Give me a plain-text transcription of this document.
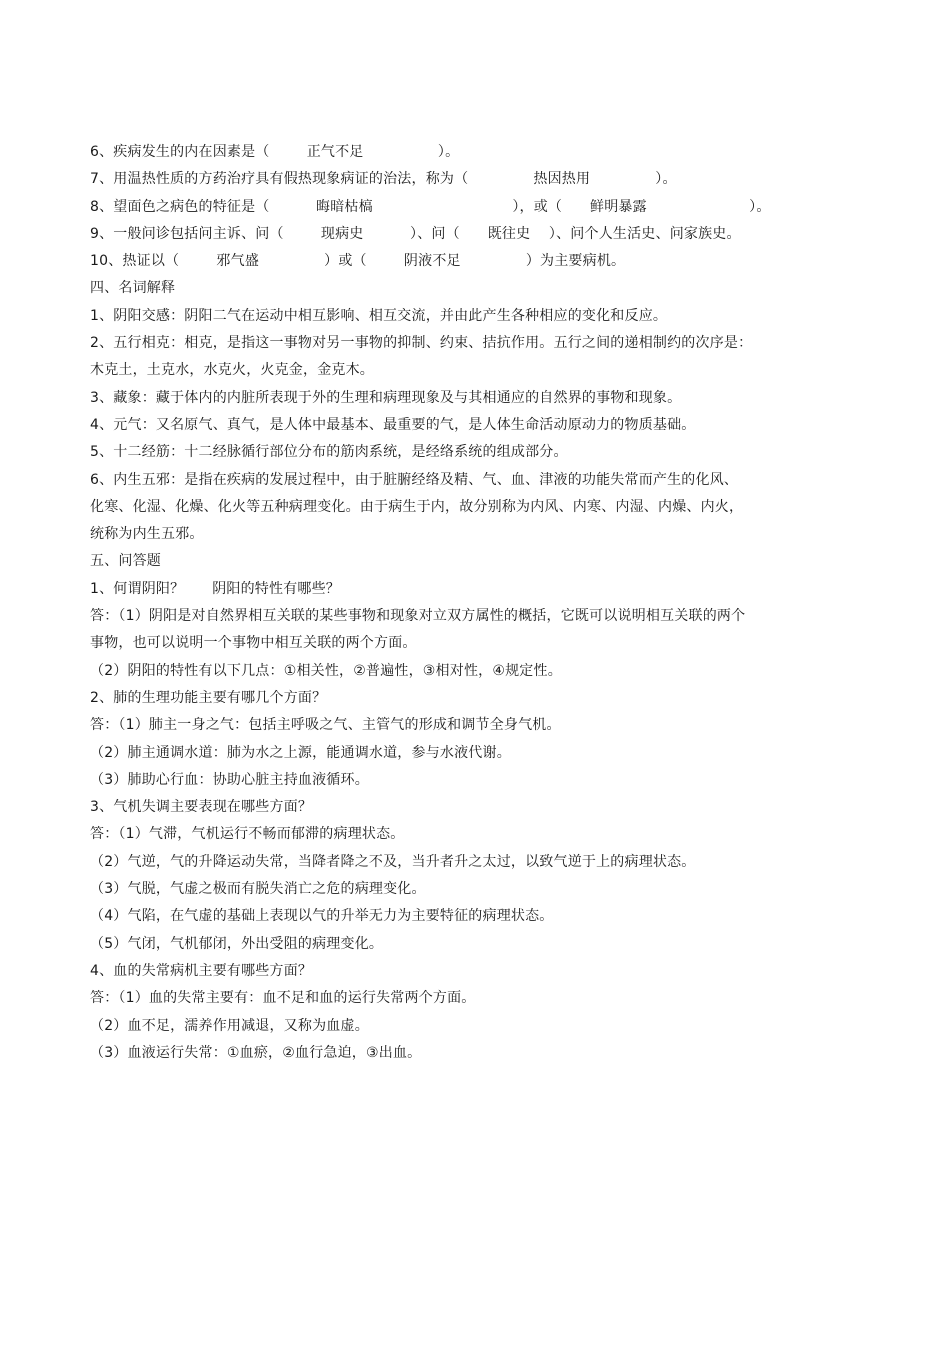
6、疾病发生的内在因素是（        正气不足                ）。
7、用温热性质的方药治疗具有假热现象病证的治法，称为（              热因热用              ）。
8、望面色之病色的特征是（          晦暗枯槁                              ），或（      鲜明暴露                      ）。
9、一般问诊包括问主诉、问（        现病史          ）、问（      既往史    ）、问个人生活史、问家族史。
10、热证以（        邪气盛              ）或（        阴液不足              ）为主要病机。
四、名词解释
1、阴阳交感：阴阳二气在运动中相互影响、相互交流，并由此产生各种相应的变化和反应。
2、五行相克：相克，是指这一事物对另一事物的抑制、约束、拮抗作用。五行之间的递相制约的次序是：
木克土，土克水，水克火，火克金，金克木。
3、藏象：藏于体内的内脏所表现于外的生理和病理现象及与其相通应的自然界的事物和现象。
4、元气：又名原气、真气，是人体中最基本、最重要的气，是人体生命活动原动力的物质基础。
5、十二经筋：十二经脉循行部位分布的筋肉系统，是经络系统的组成部分。
6、内生五邪：是指在疾病的发展过程中，由于脏腑经络及精、气、血、津液的功能失常而产生的化风、
化寒、化湿、化燥、化火等五种病理变化。由于病生于内，故分别称为内风、内寒、内湿、内燥、内火，
统称为内生五邪。
五、问答题
1、何谓阴阳？      阴阳的特性有哪些？
答：（1）阴阳是对自然界相互关联的某些事物和现象对立双方属性的概括，它既可以说明相互关联的两个
事物，也可以说明一个事物中相互关联的两个方面。
（2）阴阳的特性有以下几点：①相关性，②普遍性，③相对性，④规定性。
2、肺的生理功能主要有哪几个方面？
答：（1）肺主一身之气：包括主呼吸之气、主管气的形成和调节全身气机。
（2）肺主通调水道：肺为水之上源，能通调水道，参与水液代谢。
（3）肺助心行血：协助心脏主持血液循环。
3、气机失调主要表现在哪些方面？
答：（1）气滞，气机运行不畅而郁滞的病理状态。
（2）气逆，气的升降运动失常，当降者降之不及，当升者升之太过，以致气逆于上的病理状态。
（3）气脱，气虚之极而有脱失消亡之危的病理变化。
（4）气陷，在气虚的基础上表现以气的升举无力为主要特征的病理状态。
（5）气闭，气机郁闭，外出受阻的病理变化。
4、血的失常病机主要有哪些方面？
答：（1）血的失常主要有：血不足和血的运行失常两个方面。
（2）血不足，濡养作用减退，又称为血虚。
（3）血液运行失常：①血瘀，②血行急迫，③出血。
